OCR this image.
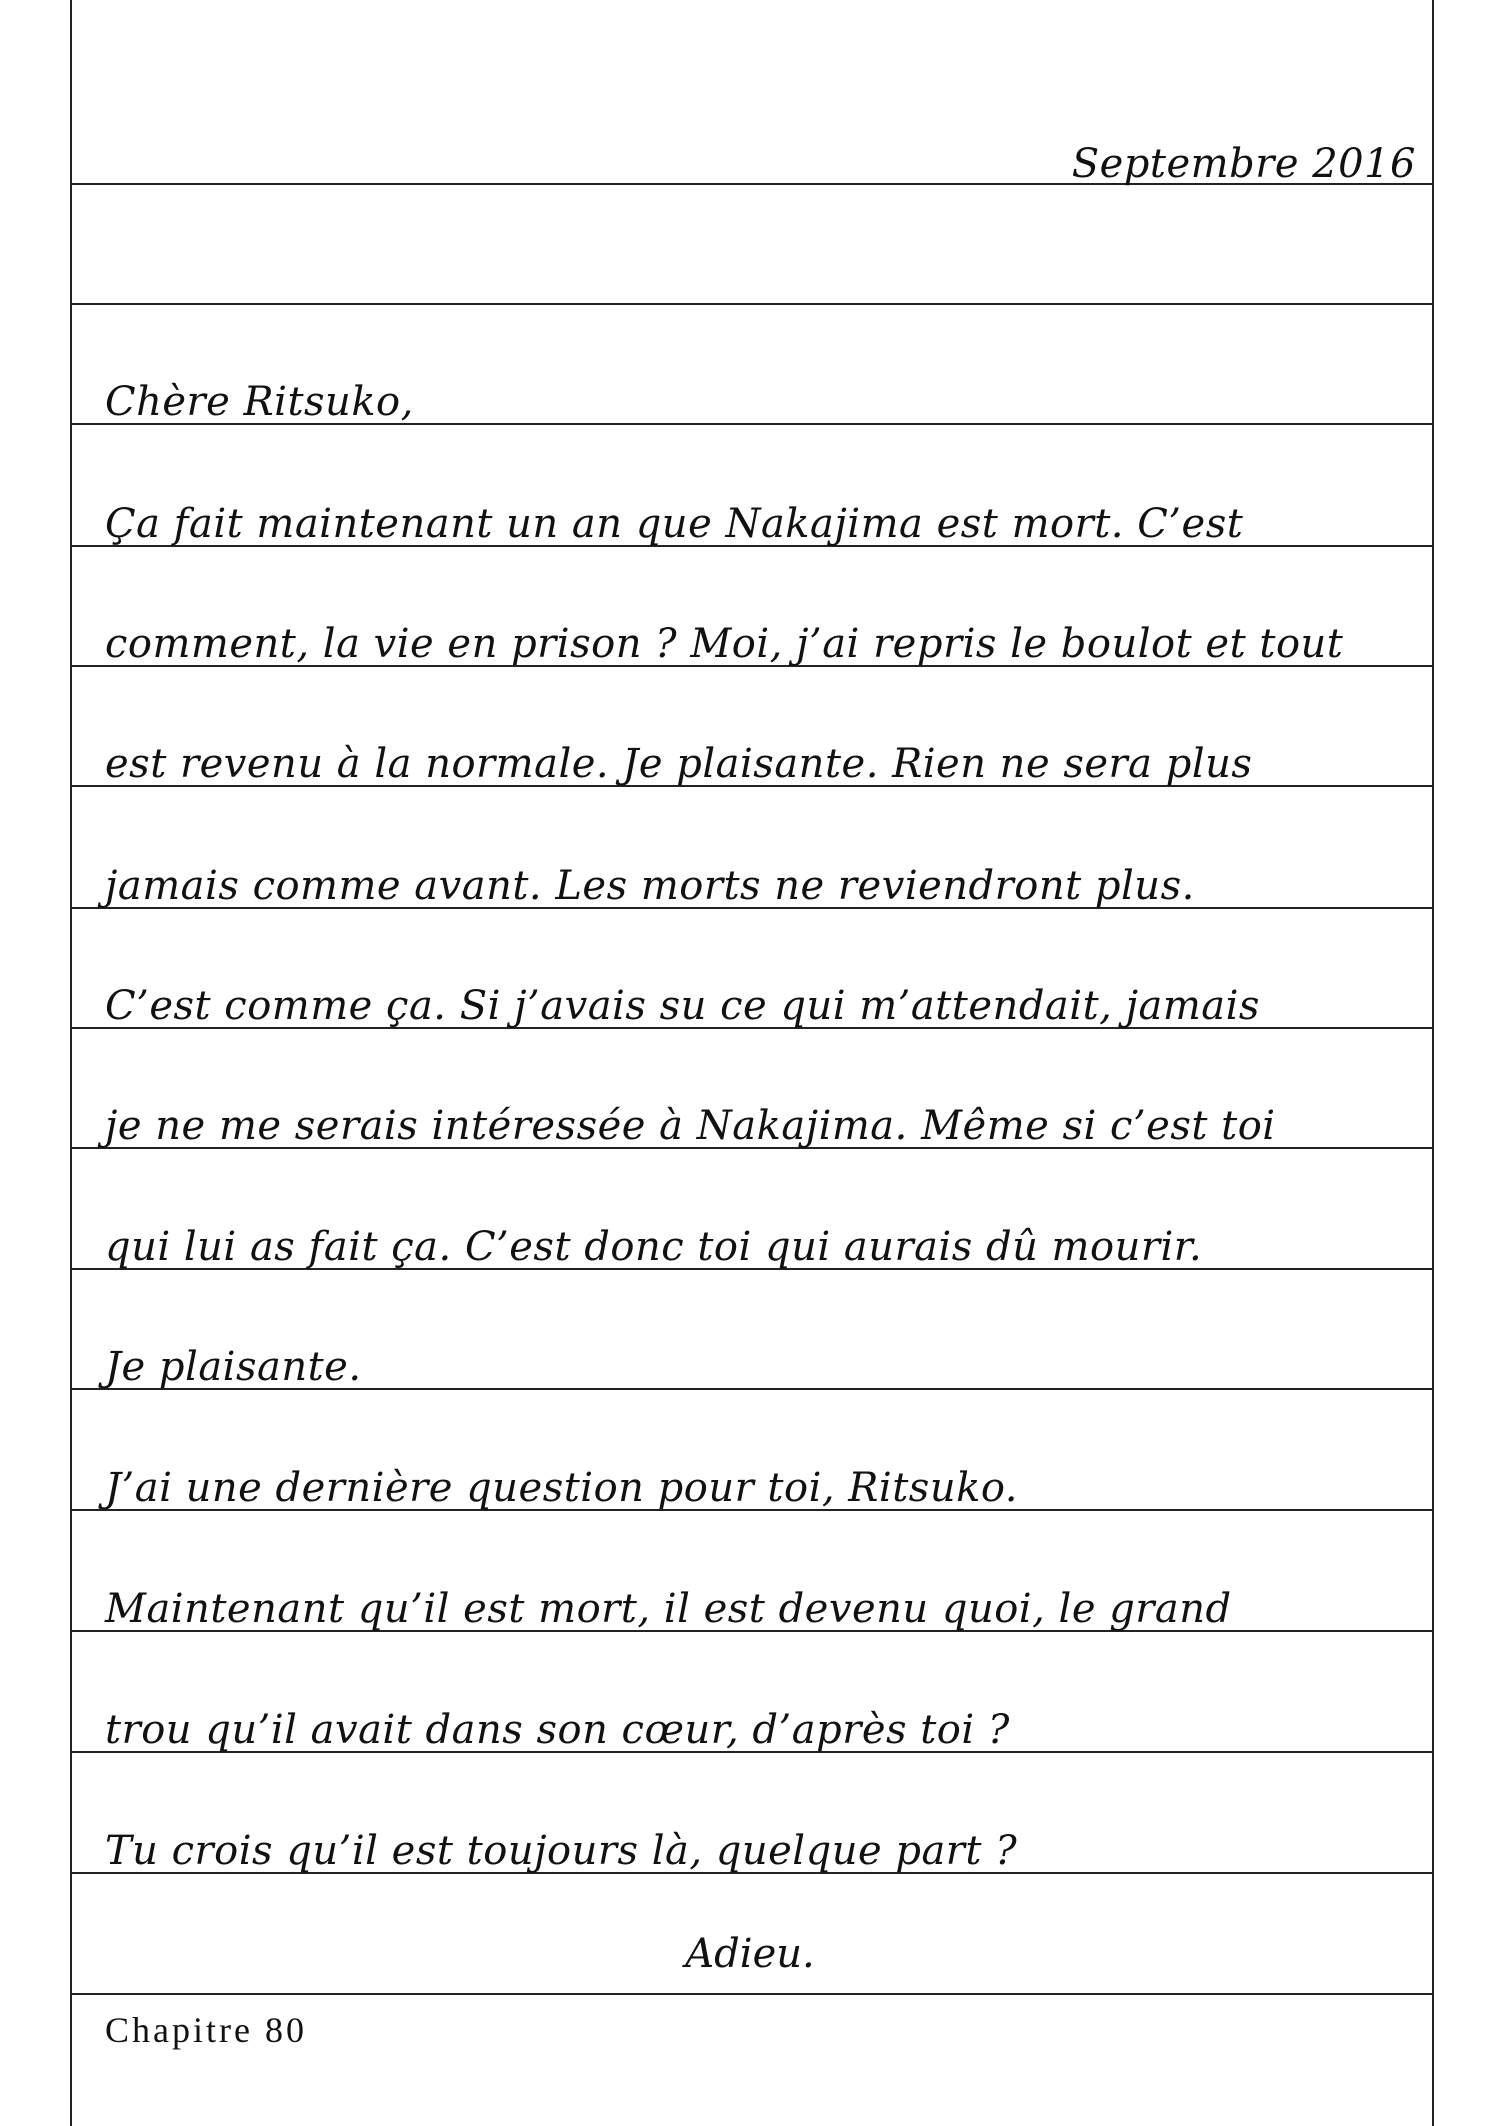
Septembre 2016
Chère Ritsuko,
Ça fait maintenant un an que Nakajima est mort. C’est
comment, la vie en prison ? Moi, j’ai repris le boulot et tout
est revenu à la normale. Je plaisante. Rien ne sera plus
jamais comme avant. Les morts ne reviendront plus.
C’est comme ça. Si j’avais su ce qui m’attendait, jamais
je ne me serais intéressée à Nakajima. Même si c’est toi
qui lui as fait ça. C’est donc toi qui aurais dû mourir.
Je plaisante.
J’ai une dernière question pour toi, Ritsuko.
Maintenant qu’il est mort, il est devenu quoi, le grand
trou qu’il avait dans son cœur, d’après toi ?
Tu crois qu’il est toujours là, quelque part ?
Adieu.
Chapitre 80
